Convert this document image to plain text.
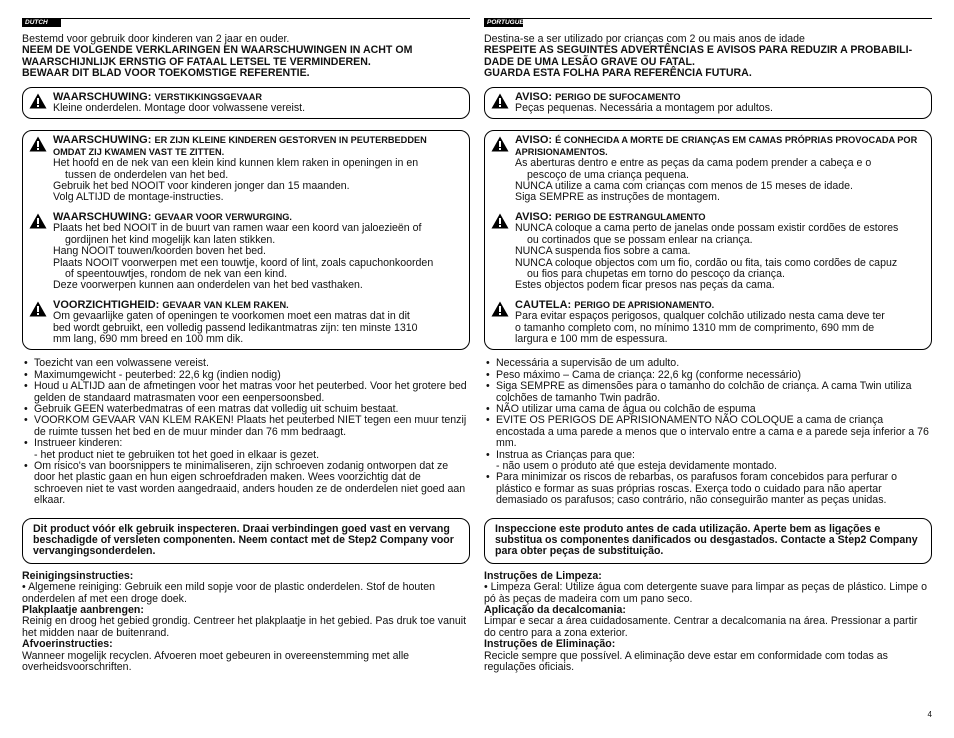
DUTCH

Bestemd voor gebruik door kinderen van 2 jaar en ouder.

NEEM DE VOLGENDE VERKLARINGEN EN WAARSCHUWINGEN IN ACHT OM

WAARSCHIJNLIJK ERNSTIG OF FATAAL LETSEL TE VERMINDEREN.

BEWAAR DIT BLAD VOOR TOEKOMSTIGE REFERENTIE.

WAARSCHUWING: VERSTIKKINGSGEVAAR

Kleine onderdelen. Montage door volwassene vereist.

WAARSCHUWING: ER ZIJN KLEINE KINDEREN GESTORVEN IN PEUTERBEDDEN OMDAT ZIJ KWAMEN VAST TE ZITTEN.

Het hoofd en de nek van een klein kind kunnen klem raken in openingen in en

tussen de onderdelen van het bed.

Gebruik het bed NOOIT voor kinderen jonger dan 15 maanden.

Volg ALTIJD de montage-instructies.

WAARSCHUWING: GEVAAR VOOR VERWURGING.

Plaats het bed NOOIT in de buurt van ramen waar een koord van jaloezieën of

gordijnen het kind mogelijk kan laten stikken.

Hang NOOIT touwen/koorden boven het bed.

Plaats NOOIT voorwerpen met een touwtje, koord of lint, zoals capuchonkoorden

of speentouwtjes, rondom de nek van een kind.

Deze voorwerpen kunnen aan onderdelen van het bed vasthaken.

VOORZICHTIGHEID: GEVAAR VAN KLEM RAKEN.

Om gevaarlijke gaten of openingen te voorkomen moet een matras dat in dit

bed wordt gebruikt, een volledig passend ledikantmatras zijn: ten minste 1310

mm lang, 690 mm breed en 100 mm dik.

• Toezicht van een volwassene vereist.
• Maximumgewicht - peuterbed: 22,6 kg (indien nodig)
• Houd u ALTIJD aan de afmetingen voor het matras voor het peuterbed. Voor het grotere bed gelden de standaard matrasmaten voor een eenpersoonsbed.
• Gebruik GEEN waterbedmatras of een matras dat volledig uit schuim bestaat.
• VOORKOM GEVAAR VAN KLEM RAKEN! Plaats het peuterbed NIET tegen een muur tenzij de ruimte tussen het bed en de muur minder dan 76 mm bedraagt.
• Instrueer kinderen:
- het product niet te gebruiken tot het goed in elkaar is gezet.
• Om risico's van boorsnippers te minimaliseren, zijn schroeven zodanig ontworpen dat ze door het plastic gaan en hun eigen schroefdraden maken. Wees voorzichtig dat de schroeven niet te vast worden aangedraaid, anders houden ze de onderdelen niet goed aan elkaar.
Dit product vóór elk gebruik inspecteren. Draai verbindingen goed vast en vervang beschadigde of versleten componenten. Neem contact met de Step2 Company voor vervangingsonderdelen.

Reinigingsinstructies:

• Algemene reiniging: Gebruik een mild sopje voor de plastic onderdelen. Stof de houten onderdelen af met een droge doek.

Plakplaatje aanbrengen:

Reinig en droog het gebied grondig. Centreer het plakplaatje in het gebied. Pas druk toe vanuit het midden naar de buitenrand.

Afvoerinstructies:

Wanneer mogelijk recyclen. Afvoeren moet gebeuren in overeenstemming met alle overheidsvoorschriften.

PORTUGUESE

Destina-se a ser utilizado por crianças com 2 ou mais anos de idade

RESPEITE AS SEGUINTES ADVERTÊNCIAS E AVISOS PARA REDUZIR A PROBABILI-

DADE DE UMA LESÃO GRAVE OU FATAL.

GUARDA ESTA FOLHA PARA REFERÊNCIA FUTURA.

AVISO: PERIGO DE SUFOCAMENTO

Peças pequenas. Necessária a montagem por adultos.

AVISO: É CONHECIDA A MORTE DE CRIANÇAS EM CAMAS PRÓPRIAS PROVOCADA POR APRISIONAMENTOS.

As aberturas dentro e entre as peças da cama podem prender a cabeça e o

pescoço de uma criança pequena.

NUNCA utilize a cama com crianças com menos de 15 meses de idade.

Siga SEMPRE as instruções de montagem.

AVISO: PERIGO DE ESTRANGULAMENTO

NUNCA coloque a cama perto de janelas onde possam existir cordões de estores

ou cortinados que se possam enlear na criança.

NUNCA suspenda fios sobre a cama.

NUNCA coloque objectos com um fio, cordão ou fita, tais como cordões de capuz

ou fios para chupetas em torno do pescoço da criança.

Estes objectos podem ficar presos nas peças da cama.

CAUTELA: PERIGO DE APRISIONAMENTO.

Para evitar espaços perigosos, qualquer colchão utilizado nesta cama deve ter

o tamanho completo com, no mínimo 1310 mm de comprimento, 690 mm de

largura e 100 mm de espessura.

• Necessária a supervisão de um adulto.
• Peso máximo – Cama de criança: 22,6 kg (conforme necessário)
• Siga SEMPRE as dimensões para o tamanho do colchão de criança. A cama Twin utiliza colchões de tamanho Twin padrão.
• NÃO utilizar uma cama de água ou colchão de espuma
• EVITE OS PERIGOS DE APRISIONAMENTO NÃO COLOQUE a cama de criança encostada a uma parede a menos que o intervalo entre a cama e a parede seja inferior a 76 mm.
• Instrua as Crianças para que:
- não usem o produto até que esteja devidamente montado.
• Para minimizar os riscos de rebarbas, os parafusos foram concebidos para perfurar o plástico e formar as suas próprias roscas. Exerça todo o cuidado para não apertar demasiado os parafusos; caso contrário, não conseguirão manter as peças unidas.
Inspeccione este produto antes de cada utilização. Aperte bem as ligações e substitua os componentes danificados ou desgastados. Contacte a Step2 Company para obter peças de substituição.

Instruções de Limpeza:

• Limpeza Geral: Utilize água com detergente suave para limpar as peças de plástico. Limpe o pó às peças de madeira com um pano seco.

Aplicação da decalcomania:

Limpar e secar a área cuidadosamente. Centrar a decalcomania na área. Pressionar a partir do centro para a zona exterior.

Instruções de Eliminação:

Recicle sempre que possível. A eliminação deve estar em conformidade com todas as regulações oficiais.

4
